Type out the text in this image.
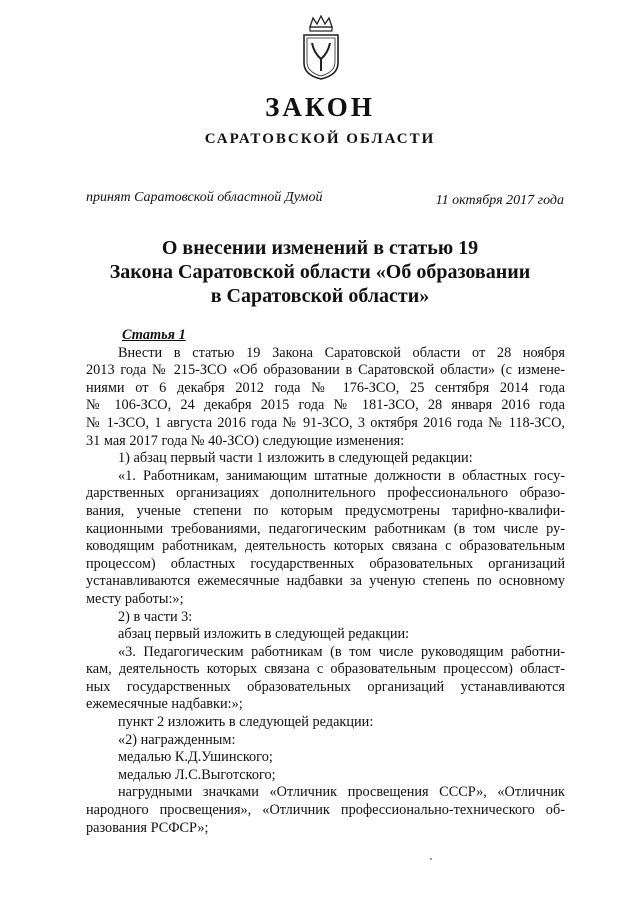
ЗАКОН
САРАТОВСКОЙ ОБЛАСТИ
принят Саратовской областной Думой	11 октября 2017 года
О внесении изменений в статью 19
Закона Саратовской области «Об образовании
в Саратовской области»
Статья 1
Внести в статью 19 Закона Саратовской области от 28 ноября
2013 года № 215-ЗСО «Об образовании в Саратовской области» (с измене-
ниями от 6 декабря 2012 года № 176-ЗСО, 25 сентября 2014 года
№ 106-ЗСО, 24 декабря 2015 года № 181-ЗСО, 28 января 2016 года
№ 1-ЗСО, 1 августа 2016 года № 91-ЗСО, 3 октября 2016 года № 118-ЗСО,
31 мая 2017 года № 40-ЗСО) следующие изменения:
1) абзац первый части 1 изложить в следующей редакции:
«1. Работникам, занимающим штатные должности в областных госу-
дарственных организациях дополнительного профессионального образо-
вания, ученые степени по которым предусмотрены тарифно-квалифи-
кационными требованиями, педагогическим работникам (в том числе ру-
ководящим работникам, деятельность которых связана с образовательным
процессом) областных государственных образовательных организаций
устанавливаются ежемесячные надбавки за ученую степень по основному
месту работы:»;
2) в части 3:
абзац первый изложить в следующей редакции:
«3. Педагогическим работникам (в том числе руководящим работни-
кам, деятельность которых связана с образовательным процессом) област-
ных государственных образовательных организаций устанавливаются
ежемесячные надбавки:»;
пункт 2 изложить в следующей редакции:
«2) награжденным:
медалью К.Д.Ушинского;
медалью Л.С.Выготского;
нагрудными значками «Отличник просвещения СССР», «Отличник
народного просвещения», «Отличник профессионально-технического об-
разования РСФСР»;
